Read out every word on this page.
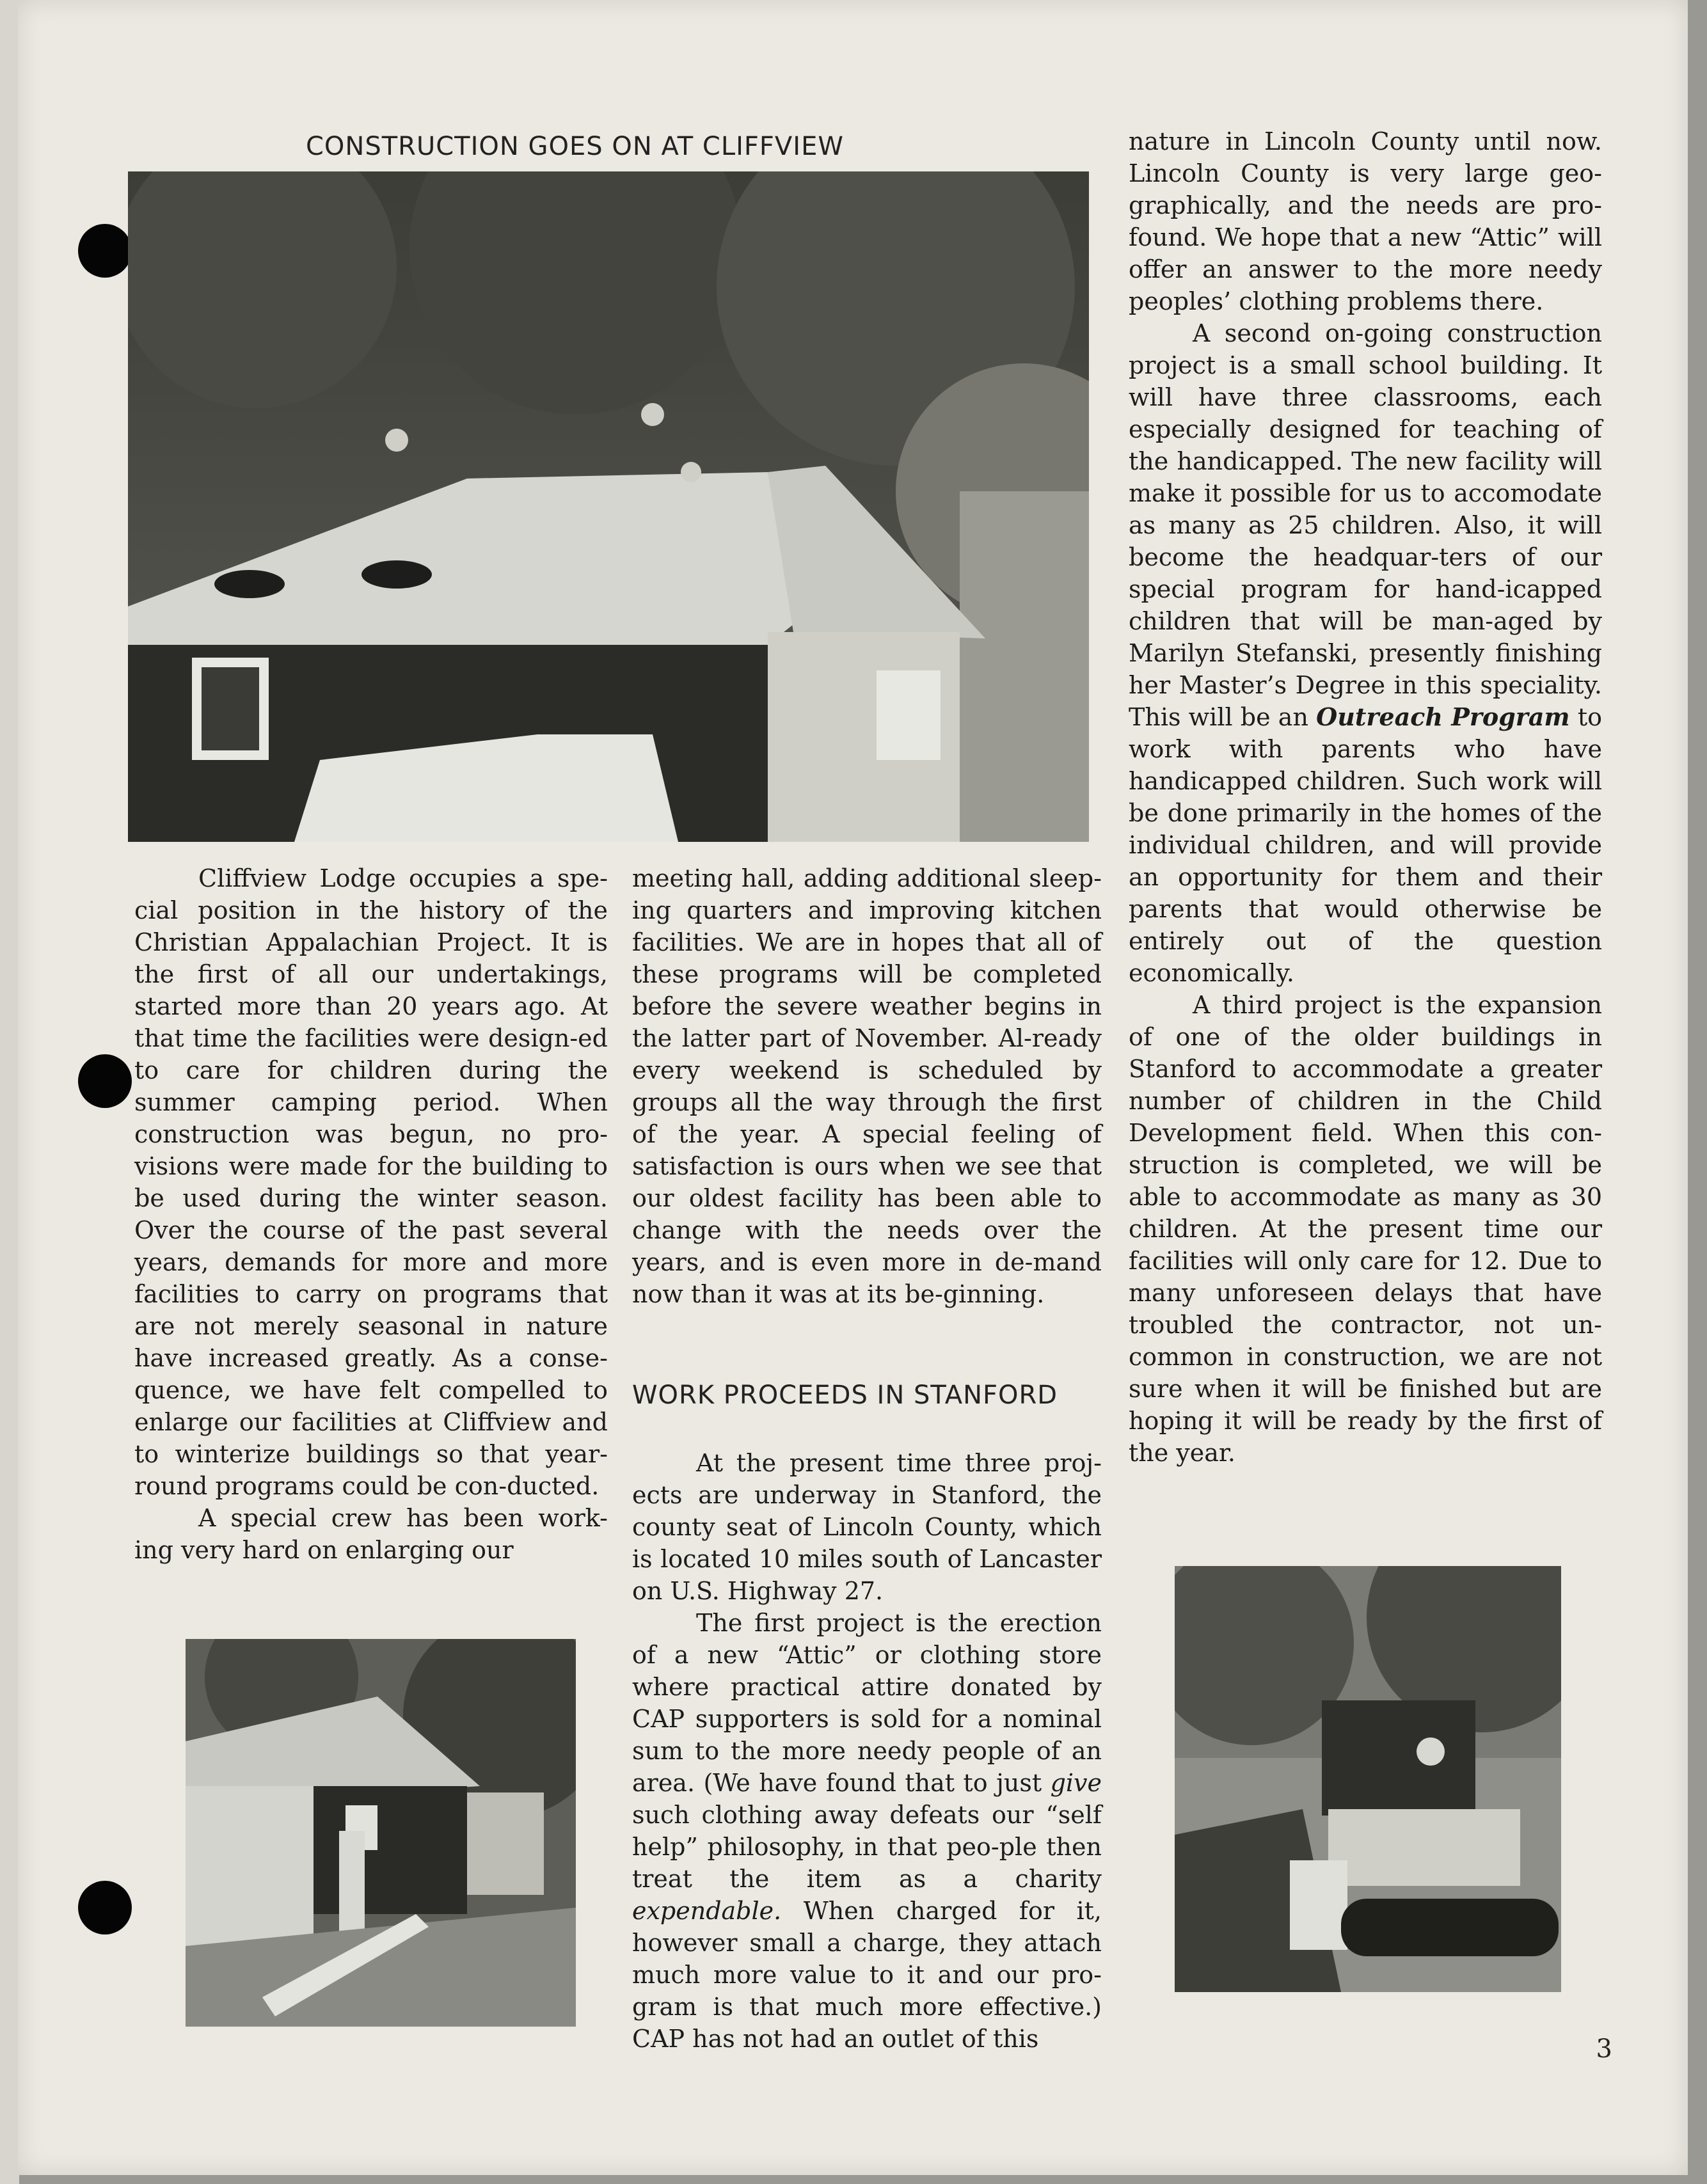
CONSTRUCTION GOES ON AT CLIFFVIEW

Cliffview Lodge occupies a spe-cial position in the history of the Christian Appalachian Project. It is the first of all our undertakings, started more than 20 years ago. At that time the facilities were design-ed to care for children during the summer camping period. When construction was begun, no pro-visions were made for the building to be used during the winter season. Over the course of the past several years, demands for more and more facilities to carry on programs that are not merely seasonal in nature have increased greatly. As a conse-quence, we have felt compelled to enlarge our facilities at Cliffview and to winterize buildings so that year-round programs could be con-ducted.

A special crew has been work-ing very hard on enlarging our

meeting hall, adding additional sleep-ing quarters and improving kitchen facilities. We are in hopes that all of these programs will be completed before the severe weather begins in the latter part of November. Al-ready every weekend is scheduled by groups all the way through the first of the year. A special feeling of satisfaction is ours when we see that our oldest facility has been able to change with the needs over the years, and is even more in de-mand now than it was at its be-ginning.

WORK PROCEEDS IN STANFORD

At the present time three proj-ects are underway in Stanford, the county seat of Lincoln County, which is located 10 miles south of Lancaster on U.S. Highway 27.

The first project is the erection of a new “Attic” or clothing store where practical attire donated by CAP supporters is sold for a nominal sum to the more needy people of an area. (We have found that to just give such clothing away defeats our “self help” philosophy, in that peo-ple then treat the item as a charity expendable. When charged for it, however small a charge, they attach much more value to it and our pro-gram is that much more effective.) CAP has not had an outlet of this

nature in Lincoln County until now. Lincoln County is very large geo-graphically, and the needs are pro-found. We hope that a new “Attic” will offer an answer to the more needy peoples’ clothing problems there.

A second on-going construction project is a small school building. It will have three classrooms, each especially designed for teaching of the handicapped. The new facility will make it possible for us to accomodate as many as 25 children. Also, it will become the headquar-ters of our special program for hand-icapped children that will be man-aged by Marilyn Stefanski, presently finishing her Master’s Degree in this speciality. This will be an Outreach Program to work with parents who have handicapped children. Such work will be done primarily in the homes of the individual children, and will provide an opportunity for them and their parents that would otherwise be entirely out of the question economically.

A third project is the expansion of one of the older buildings in Stanford to accommodate a greater number of children in the Child Development field. When this con-struction is completed, we will be able to accommodate as many as 30 children. At the present time our facilities will only care for 12. Due to many unforeseen delays that have troubled the contractor, not un-common in construction, we are not sure when it will be finished but are hoping it will be ready by the first of the year.

3
